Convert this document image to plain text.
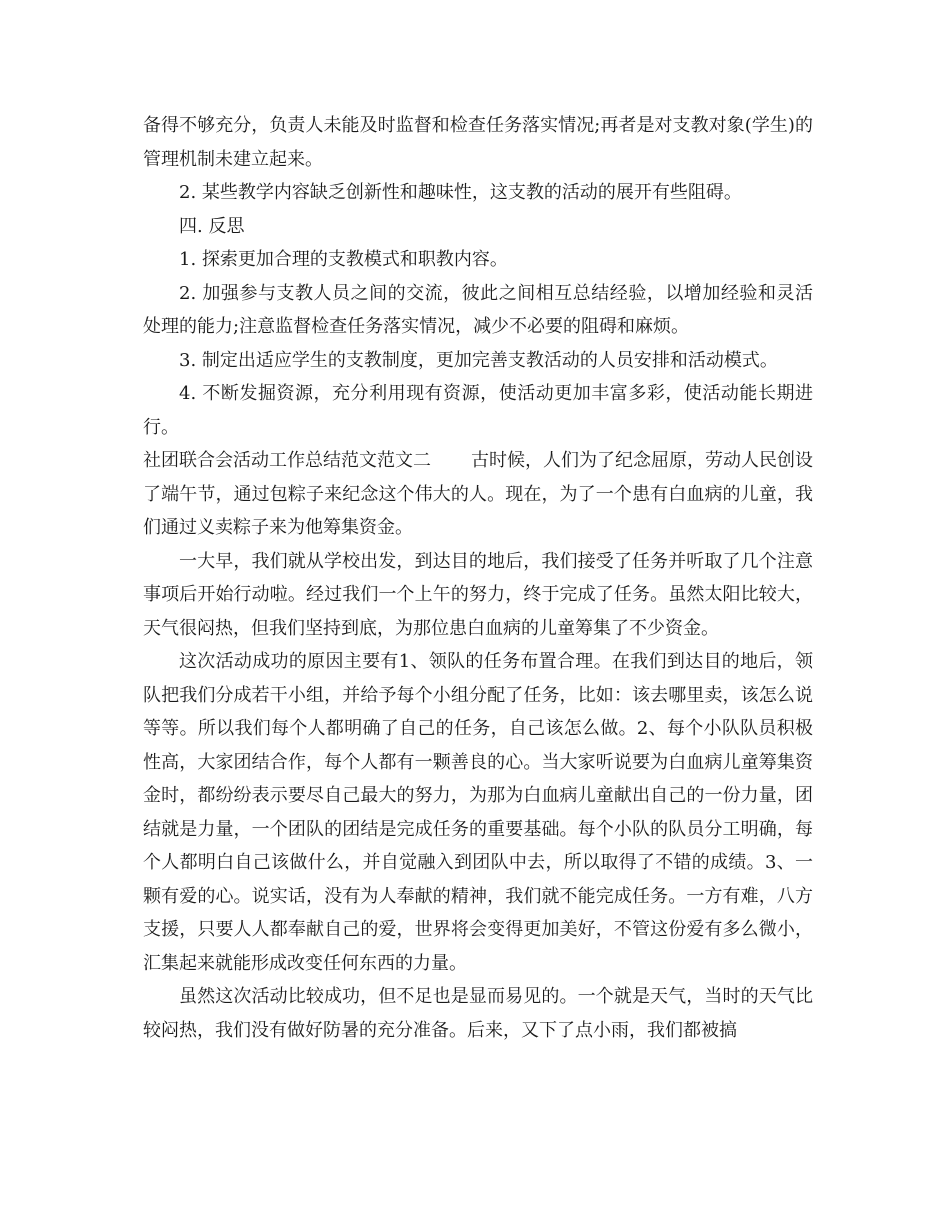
备得不够充分，负责人未能及时监督和检查任务落实情况;再者是对支教对象(学生)的管理机制未建立起来。

2. 某些教学内容缺乏创新性和趣味性，这支教的活动的展开有些阻碍。

四. 反思

1. 探索更加合理的支教模式和职教内容。

2. 加强参与支教人员之间的交流，彼此之间相互总结经验，以增加经验和灵活处理的能力;注意监督检查任务落实情况，减少不必要的阻碍和麻烦。

3. 制定出适应学生的支教制度，更加完善支教活动的人员安排和活动模式。

4. 不断发掘资源，充分利用现有资源，使活动更加丰富多彩，使活动能长期进行。

社团联合会活动工作总结范文范文二 古时候，人们为了纪念屈原，劳动人民创设了端午节，通过包粽子来纪念这个伟大的人。现在，为了一个患有白血病的儿童，我们通过义卖粽子来为他筹集资金。

一大早，我们就从学校出发，到达目的地后，我们接受了任务并听取了几个注意事项后开始行动啦。经过我们一个上午的努力，终于完成了任务。虽然太阳比较大，天气很闷热，但我们坚持到底，为那位患白血病的儿童筹集了不少资金。

这次活动成功的原因主要有1、领队的任务布置合理。在我们到达目的地后，领队把我们分成若干小组，并给予每个小组分配了任务，比如：该去哪里卖，该怎么说等等。所以我们每个人都明确了自己的任务，自己该怎么做。2、每个小队队员积极性高，大家团结合作，每个人都有一颗善良的心。当大家听说要为白血病儿童筹集资金时，都纷纷表示要尽自己最大的努力，为那为白血病儿童献出自己的一份力量，团结就是力量，一个团队的团结是完成任务的重要基础。每个小队的队员分工明确，每个人都明白自己该做什么，并自觉融入到团队中去，所以取得了不错的成绩。3、一颗有爱的心。说实话，没有为人奉献的精神，我们就不能完成任务。一方有难，八方支援，只要人人都奉献自己的爱，世界将会变得更加美好，不管这份爱有多么微小，汇集起来就能形成改变任何东西的力量。

虽然这次活动比较成功，但不足也是显而易见的。一个就是天气，当时的天气比较闷热，我们没有做好防暑的充分准备。后来，又下了点小雨，我们都被搞
